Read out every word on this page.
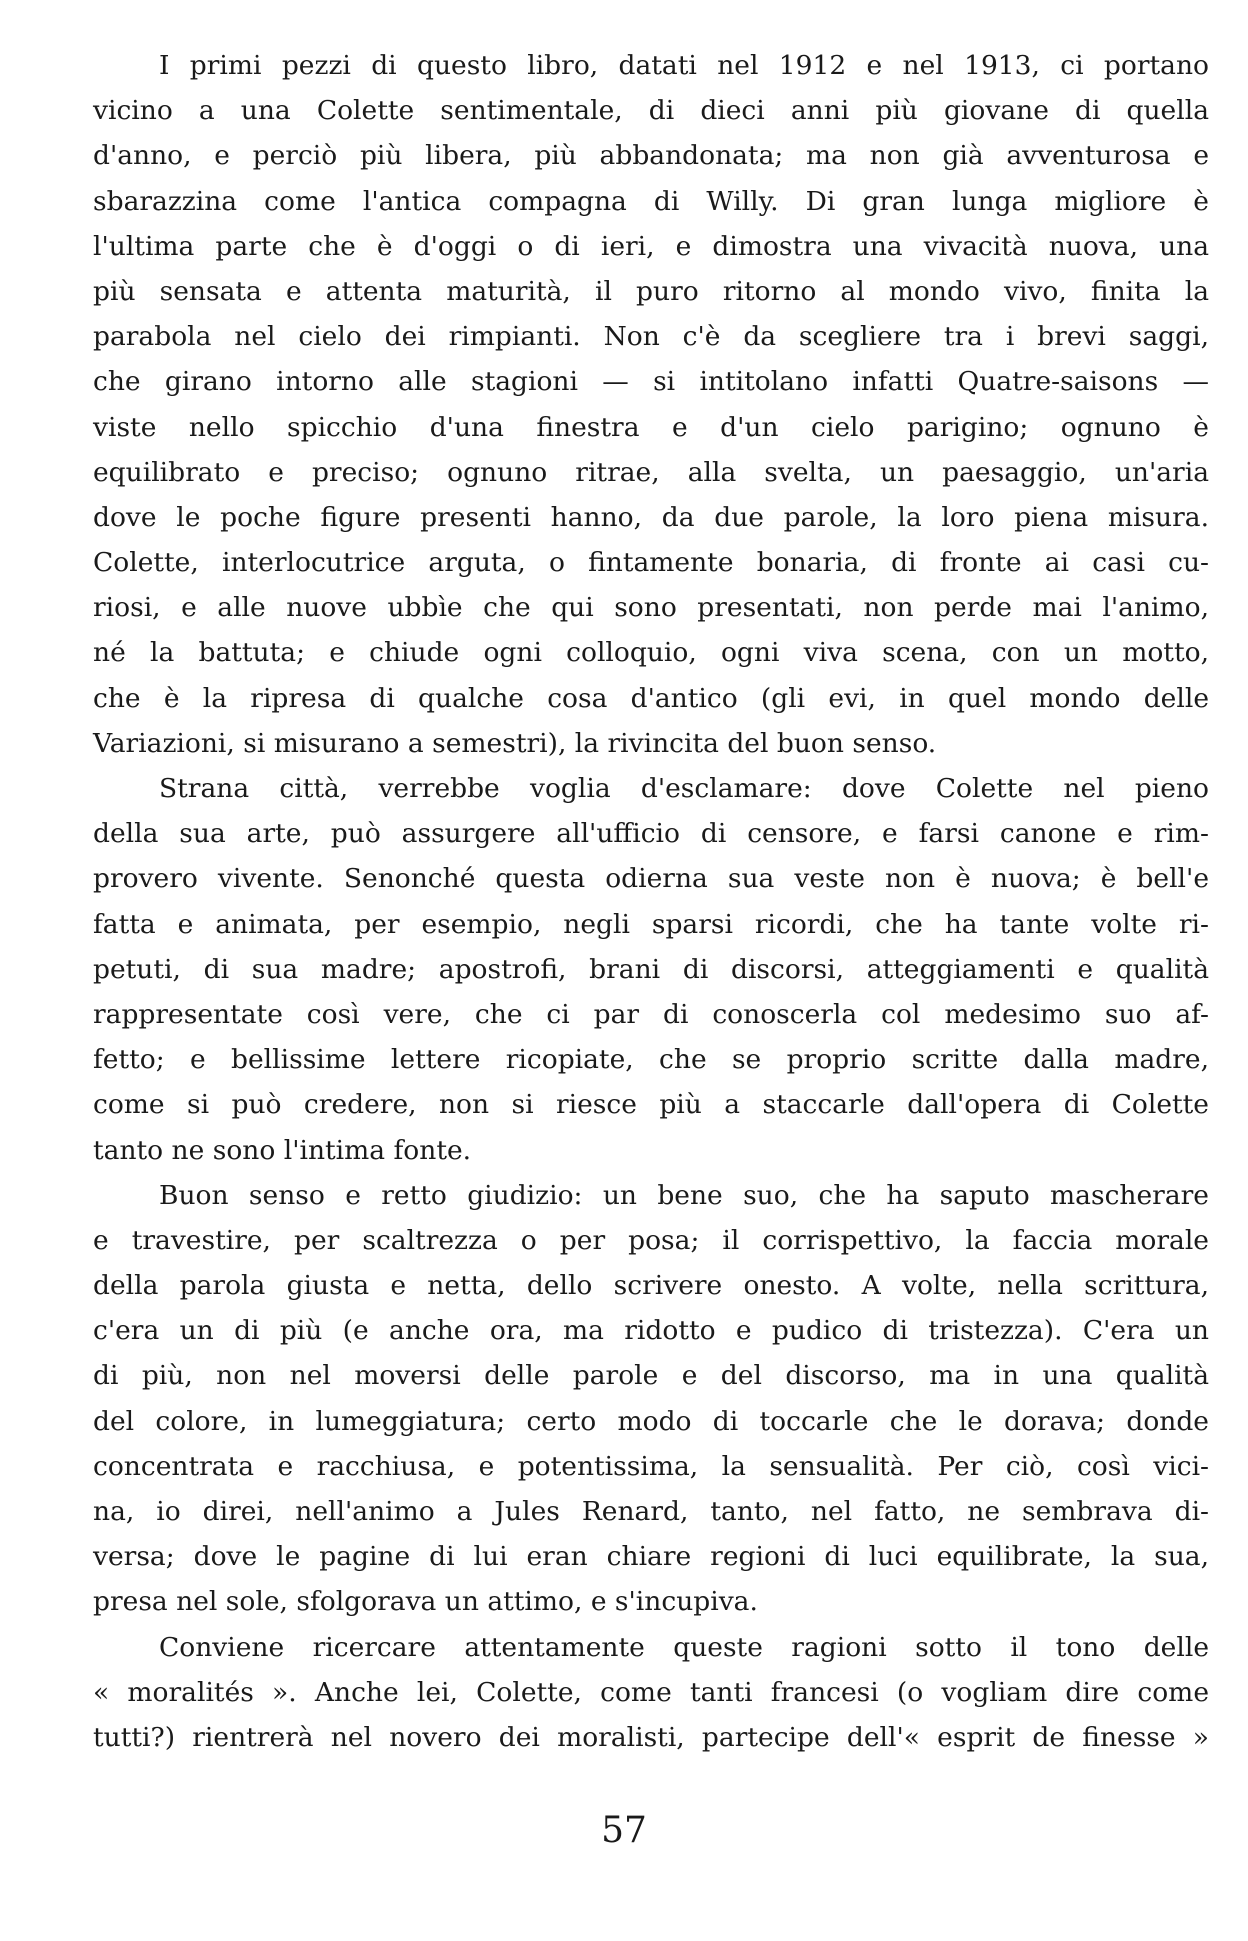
I primi pezzi di questo libro, datati nel 1912 e nel 1913, ci portano
vicino a una Colette sentimentale, di dieci anni più giovane di quella
d'anno, e perciò più libera, più abbandonata; ma non già avventurosa e
sbarazzina come l'antica compagna di Willy. Di gran lunga migliore è
l'ultima parte che è d'oggi o di ieri, e dimostra una vivacità nuova, una
più sensata e attenta maturità, il puro ritorno al mondo vivo, finita la
parabola nel cielo dei rimpianti. Non c'è da scegliere tra i brevi saggi,
che girano intorno alle stagioni — si intitolano infatti Quatre-saisons —
viste nello spicchio d'una finestra e d'un cielo parigino; ognuno è
equilibrato e preciso; ognuno ritrae, alla svelta, un paesaggio, un'aria
dove le poche figure presenti hanno, da due parole, la loro piena misura.
Colette, interlocutrice arguta, o fintamente bonaria, di fronte ai casi cu-
riosi, e alle nuove ubbìe che qui sono presentati, non perde mai l'animo,
né la battuta; e chiude ogni colloquio, ogni viva scena, con un motto,
che è la ripresa di qualche cosa d'antico (gli evi, in quel mondo delle
Variazioni, si misurano a semestri), la rivincita del buon senso.
Strana città, verrebbe voglia d'esclamare: dove Colette nel pieno
della sua arte, può assurgere all'ufficio di censore, e farsi canone e rim-
provero vivente. Senonché questa odierna sua veste non è nuova; è bell'e
fatta e animata, per esempio, negli sparsi ricordi, che ha tante volte ri-
petuti, di sua madre; apostrofi, brani di discorsi, atteggiamenti e qualità
rappresentate così vere, che ci par di conoscerla col medesimo suo af-
fetto; e bellissime lettere ricopiate, che se proprio scritte dalla madre,
come si può credere, non si riesce più a staccarle dall'opera di Colette
tanto ne sono l'intima fonte.
Buon senso e retto giudizio: un bene suo, che ha saputo mascherare
e travestire, per scaltrezza o per posa; il corrispettivo, la faccia morale
della parola giusta e netta, dello scrivere onesto. A volte, nella scrittura,
c'era un di più (e anche ora, ma ridotto e pudico di tristezza). C'era un
di più, non nel moversi delle parole e del discorso, ma in una qualità
del colore, in lumeggiatura; certo modo di toccarle che le dorava; donde
concentrata e racchiusa, e potentissima, la sensualità. Per ciò, così vici-
na, io direi, nell'animo a Jules Renard, tanto, nel fatto, ne sembrava di-
versa; dove le pagine di lui eran chiare regioni di luci equilibrate, la sua,
presa nel sole, sfolgorava un attimo, e s'incupiva.
Conviene ricercare attentamente queste ragioni sotto il tono delle
« moralités ». Anche lei, Colette, come tanti francesi (o vogliam dire come
tutti?) rientrerà nel novero dei moralisti, partecipe dell'« esprit de finesse »
57
